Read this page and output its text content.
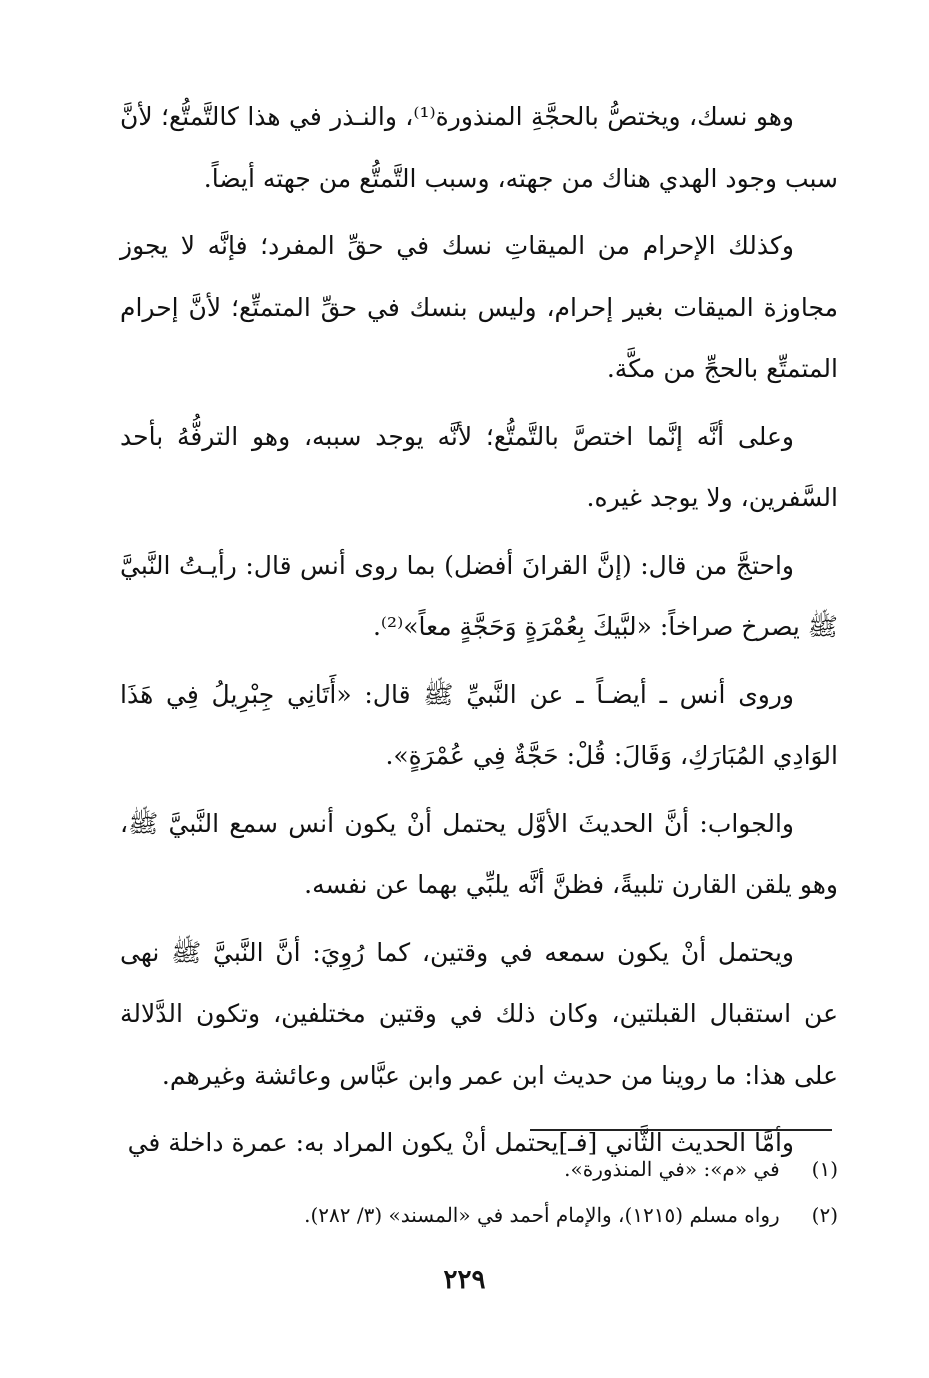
وهو نسك، ويختصُّ بالحجَّةِ المنذورة⁽¹⁾، والنـذر في هذا كالتَّمتُّع؛ لأنَّ سبب وجود الهدي هناك من جهته، وسبب التَّمتُّع من جهته أيضاً.

وكذلك الإحرام من الميقاتِ نسك في حقِّ المفرد؛ فإنَّه لا يجوز مجاوزة الميقات بغير إحرام، وليس بنسك في حقِّ المتمتِّع؛ لأنَّ إحرام المتمتِّع بالحجِّ من مكَّة.

وعلى أنَّه إنَّما اختصَّ بالتَّمتُّع؛ لأنَّه يوجد سببه، وهو الترفُّهُ بأحد السَّفرين، ولا يوجد غيره.

واحتجَّ من قال: (إنَّ القرانَ أفضل) بما روى أنس قال: رأيـتُ النَّبيَّ ﷺ يصرخ صراخاً: «لبَّيكَ بِعُمْرَةٍ وَحَجَّةٍ معاً»⁽²⁾.

وروى أنس ـ أيضـاً ـ عن النَّبيِّ ﷺ قال: «أَتَانِي جِبْرِيلُ فِي هَذَا الوَادِي المُبَارَكِ، وَقَالَ: قُلْ: حَجَّةٌ فِي عُمْرَةٍ».

والجواب: أنَّ الحديثَ الأوَّل يحتمل أنْ يكون أنس سمع النَّبيَّ ﷺ، وهو يلقن القارن تلبيةً، فظنَّ أنَّه يلبِّي بهما عن نفسه.

ويحتمل أنْ يكون سمعه في وقتين، كما رُوِيَ: أنَّ النَّبيَّ ﷺ نهى عن استقبال القبلتين، وكان ذلك في وقتين مختلفين، وتكون الدَّلالة على هذا: ما روينا من حديث ابن عمر وابن عبَّاس وعائشة وغيرهم.

وأمَّا الحديث الثَّاني [فـ]يحتمل أنْ يكون المراد به: عمرة داخلة في

(١) في «م»: «في المنذورة».

(٢) رواه مسلم (١٢١٥)، والإمام أحمد في «المسند» (٣/ ٢٨٢).

٢٢٩
